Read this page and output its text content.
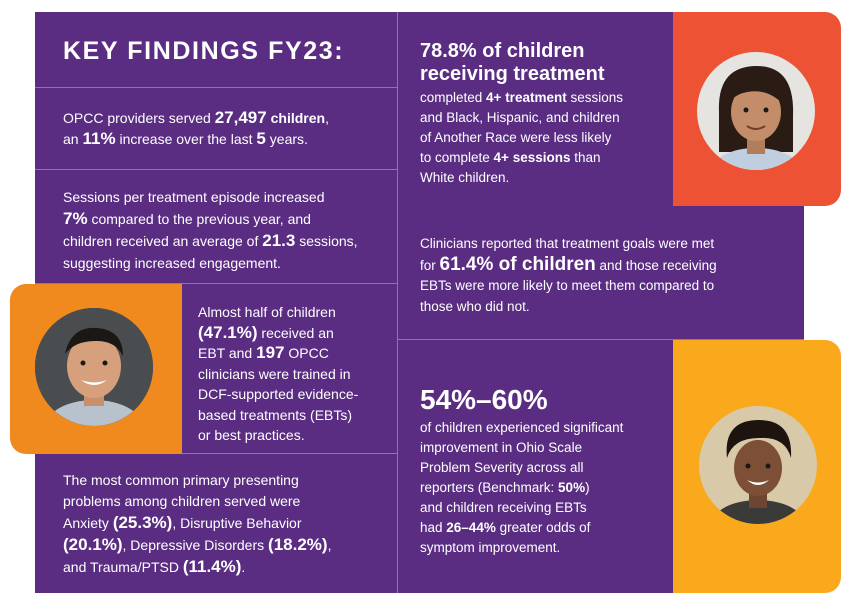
KEY FINDINGS FY23:
OPCC providers served 27,497 children,
an 11% increase over the last 5 years.
Sessions per treatment episode increased
7% compared to the previous year, and
children received an average of 21.3 sessions,
suggesting increased engagement.
Almost half of children
(47.1%) received an
EBT and 197 OPCC
clinicians were trained in
DCF-supported evidence-
based treatments (EBTs)
or best practices.
The most common primary presenting
problems among children served were
Anxiety (25.3%), Disruptive Behavior
(20.1%), Depressive Disorders (18.2%),
and Trauma/PTSD (11.4%).
78.8% of children
receiving treatment
completed 4+ treatment sessions
and Black, Hispanic, and children
of Another Race were less likely
to complete 4+ sessions than
White children.
Clinicians reported that treatment goals were met
for 61.4% of children and those receiving
EBTs were more likely to meet them compared to
those who did not.
54%–60%
of children experienced significant
improvement in Ohio Scale
Problem Severity across all
reporters (Benchmark: 50%)
and children receiving EBTs
had 26–44% greater odds of
symptom improvement.
